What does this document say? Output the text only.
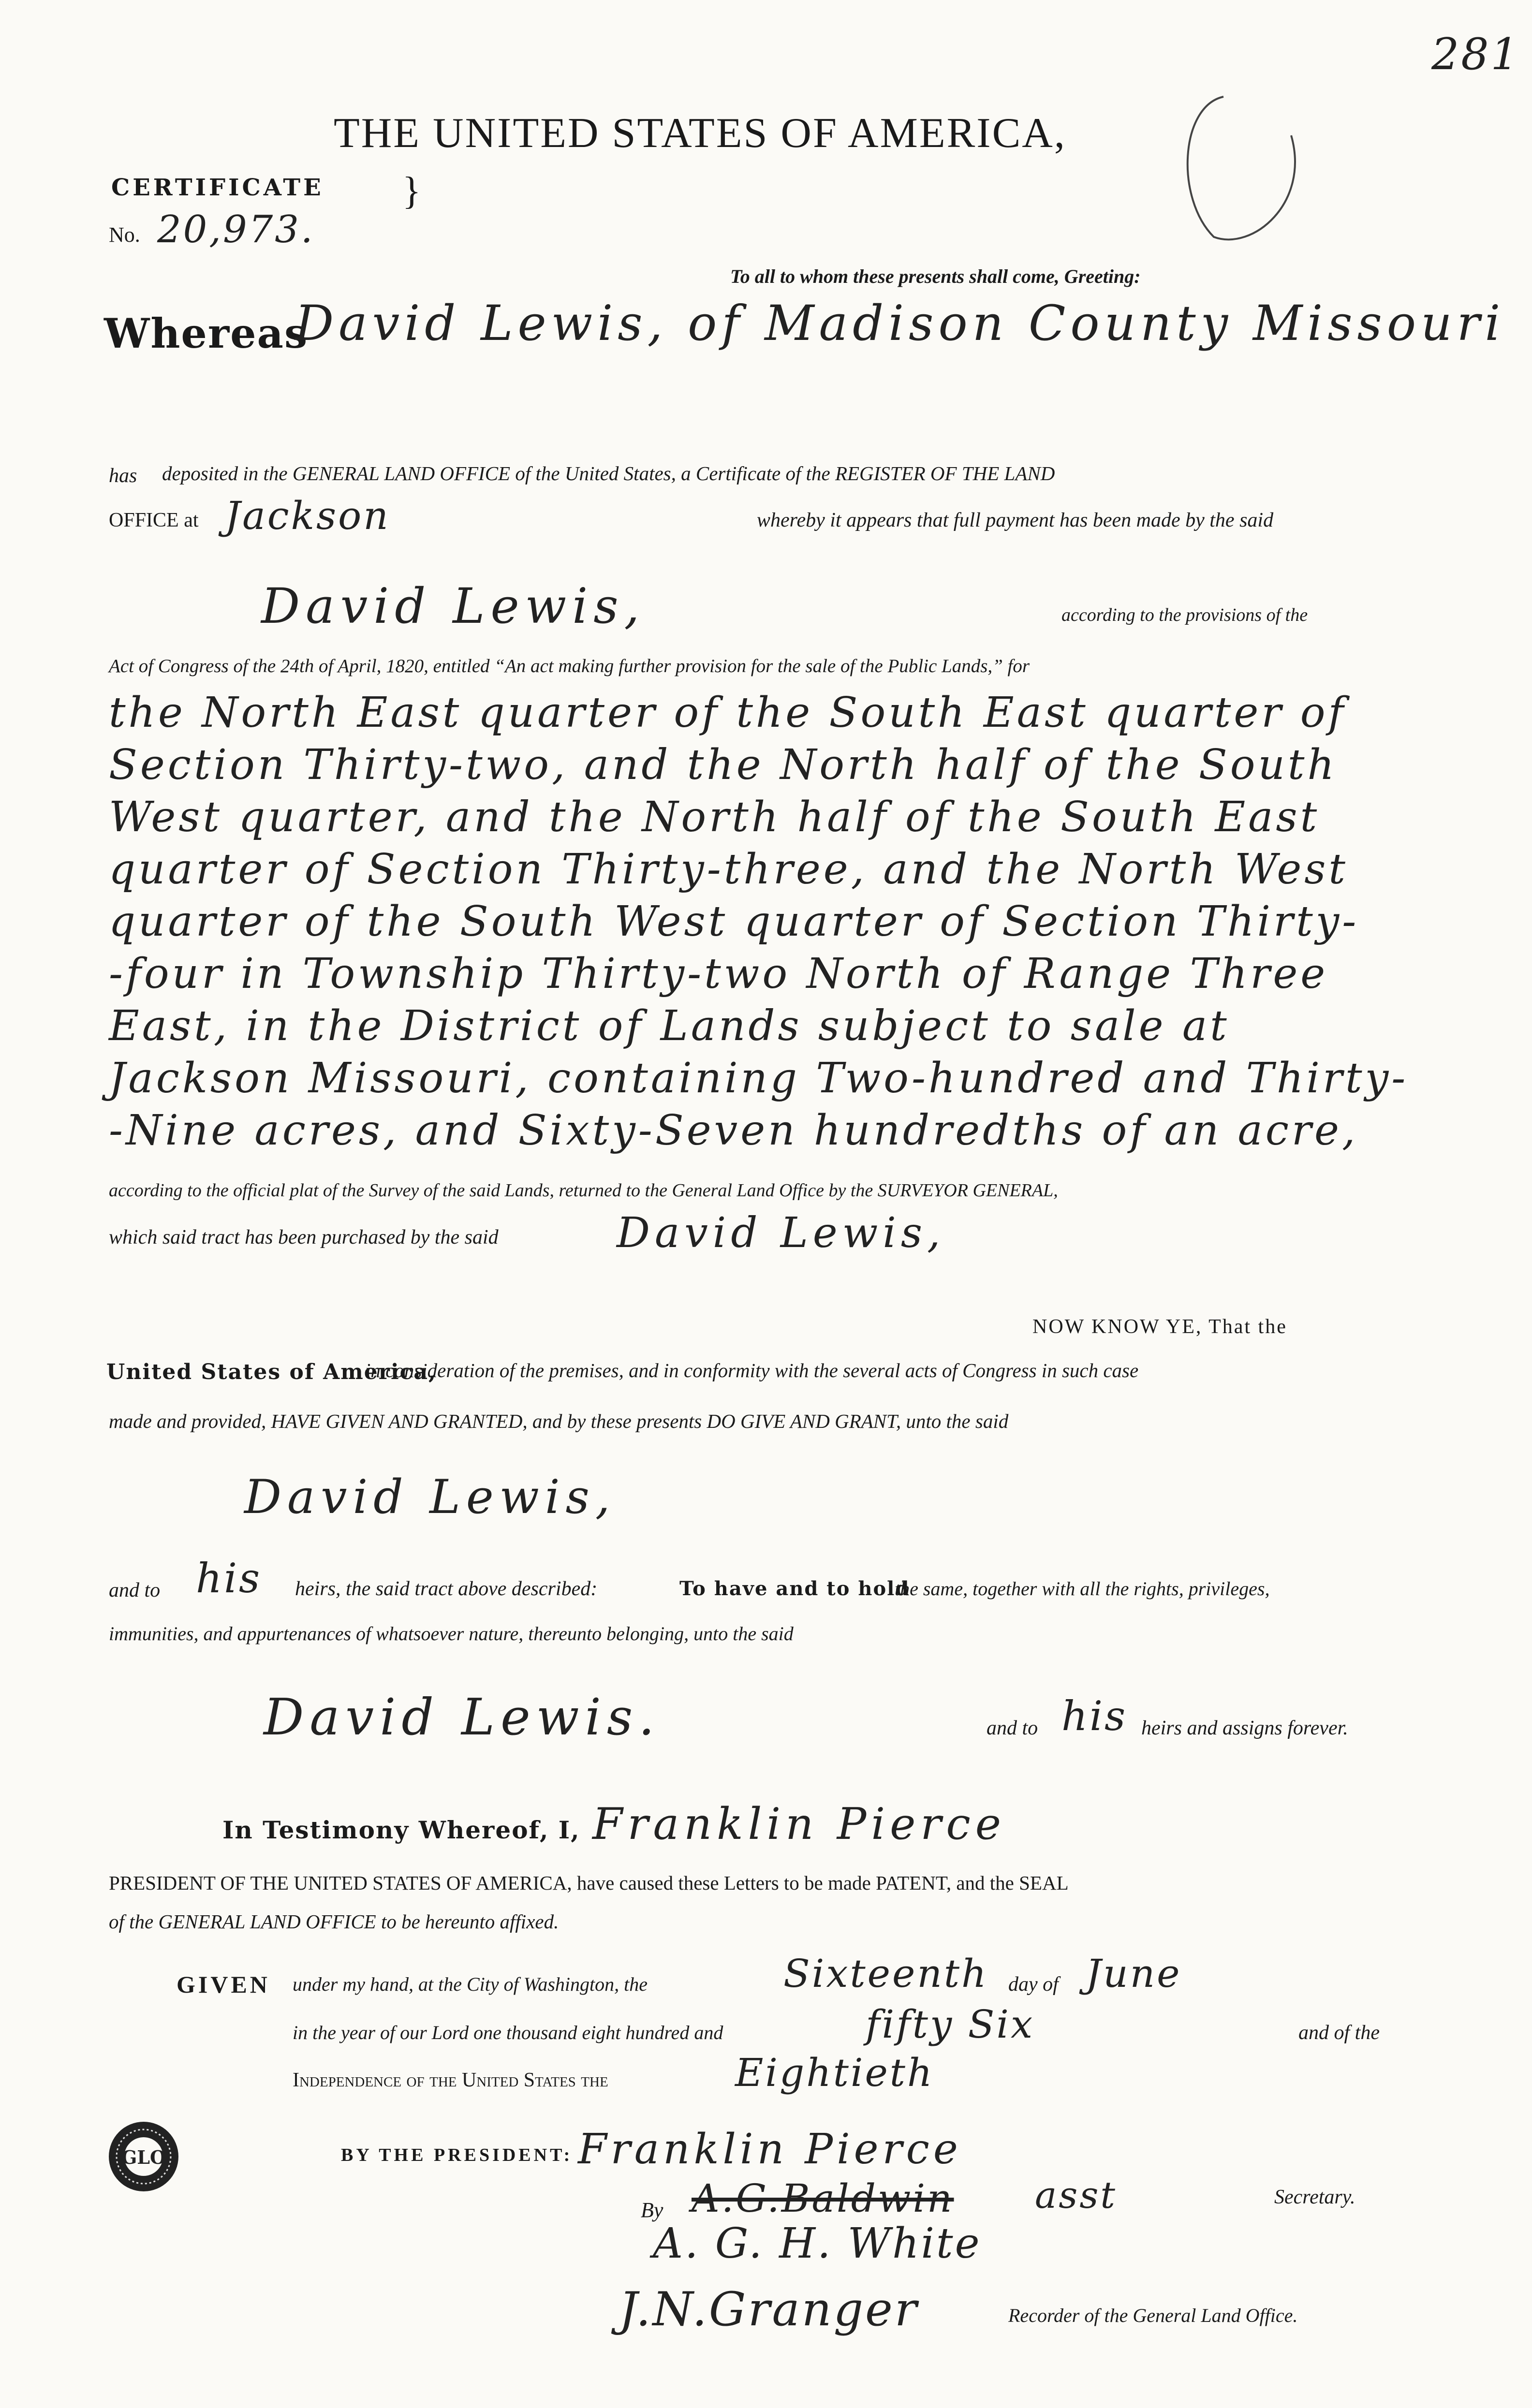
281
THE UNITED STATES OF AMERICA,
CERTIFICATE }
No. 20,973.
To all to whom these presents shall come, Greeting:
Whereas
David Lewis, of Madison County Missouri
has deposited in the GENERAL LAND OFFICE of the United States, a Certificate of the REGISTER OF THE LAND
OFFICE at Jackson	whereby it appears that full payment has been made by the said
David Lewis,	according to the provisions of the
Act of Congress of the 24th of April, 1820, entitled “An act making further provision for the sale of the Public Lands,” for
the North East quarter of the South East quarter of
Section Thirty-two, and the North half of the South
West quarter, and the North half of the South East
quarter of Section Thirty-three, and the North West
quarter of the South West quarter of Section Thirty-
-four in Township Thirty-two North of Range Three
East, in the District of Lands subject to sale at
Jackson Missouri, containing Two-hundred and Thirty-
-Nine acres, and Sixty-Seven hundredths of an acre,
according to the official plat of the Survey of the said Lands, returned to the General Land Office by the SURVEYOR GENERAL,
which said tract has been purchased by the said	David Lewis,
NOW KNOW YE, That the
United States of America,
in consideration of the premises, and in conformity with the several acts of Congress in such case
made and provided, HAVE GIVEN AND GRANTED, and by these presents DO GIVE AND GRANT, unto the said
David Lewis,
and to his heirs, the said tract above described:	To have and to hold
the same, together with all the rights, privileges,
immunities, and appurtenances of whatsoever nature, thereunto belonging, unto the said
David Lewis.	and to his heirs and assigns forever.
In Testimony Whereof, I, Franklin Pierce
PRESIDENT OF THE UNITED STATES OF AMERICA, have caused these Letters to be made PATENT, and the SEAL
of the GENERAL LAND OFFICE to be hereunto affixed.
GIVEN under my hand, at the City of Washington, the	Sixteenth day of June
in the year of our Lord one thousand eight hundred and	fifty Six	and of the
Independence of the United States the	Eightieth
GLO	BY THE PRESIDENT: Franklin Pierce
By A.G.Baldwin asst	Secretary.
A. G. H. White
J.N.Granger	Recorder of the General Land Office.
